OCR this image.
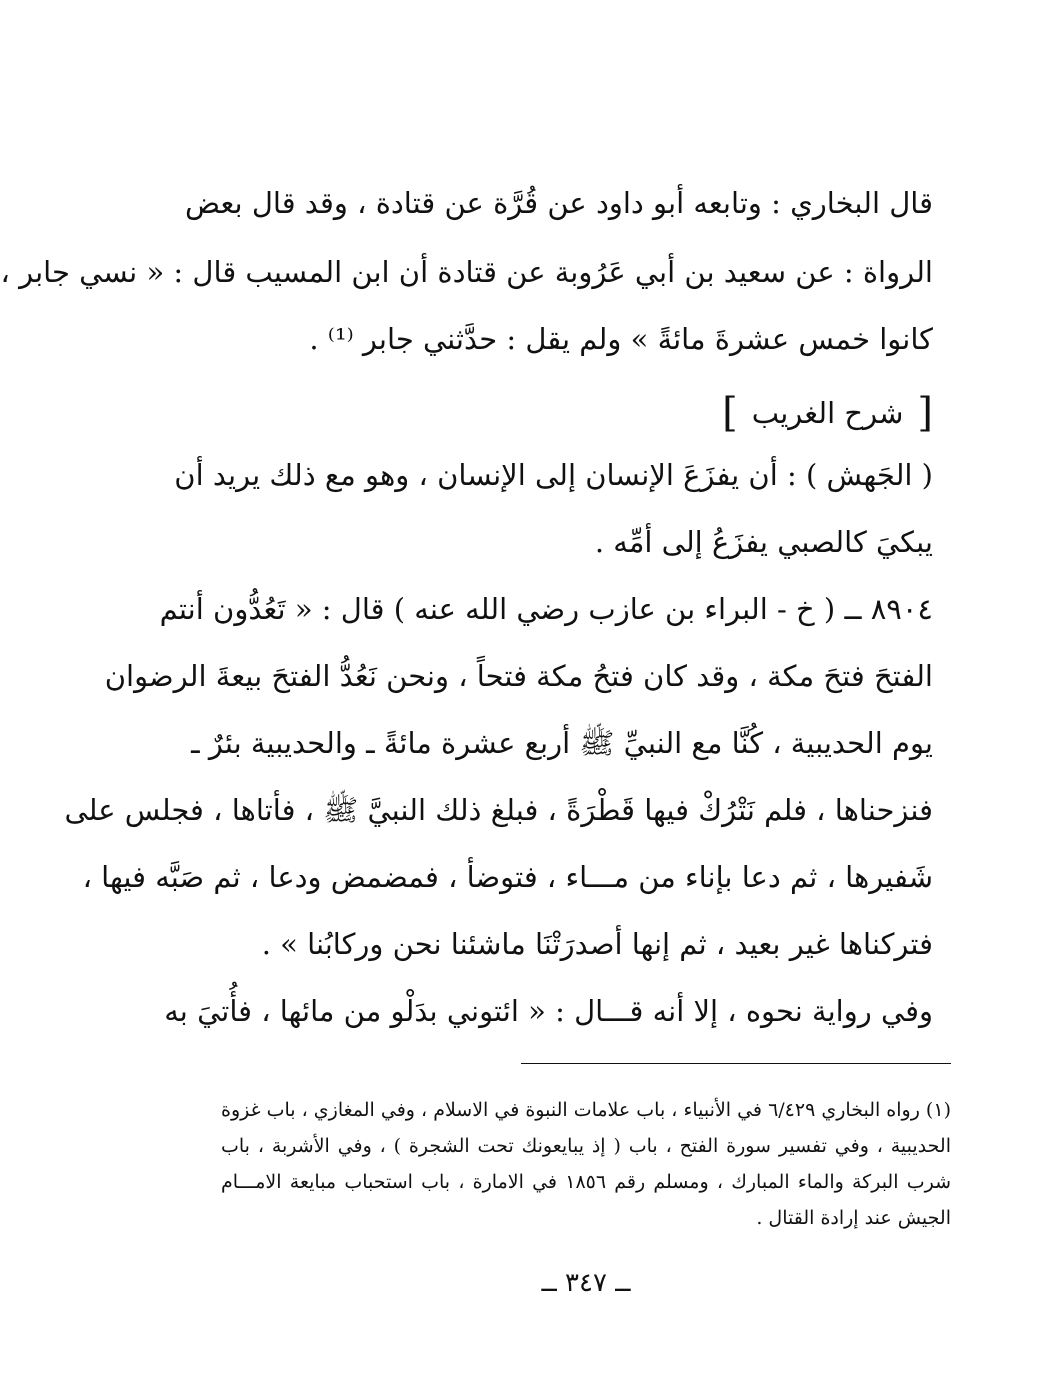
قال البخاري : وتابعه أبو داود عن قُرَّة عن قتادة ، وقد قال بعض
الرواة : عن سعيد بن أبي عَرُوبة عن قتادة أن ابن المسيب قال : « نسي جابر ،
كانوا خمس عشرةَ مائةً » ولم يقل : حدَّثني جابر ⁽¹⁾ .
[
شرح الغريب
]
( الجَهش ) : أن يفزَعَ الإنسان إلى الإنسان ، وهو مع ذلك يريد أن
يبكيَ كالصبي يفزَعُ إلى أمِّه .
٨٩٠٤ ــ ( خ - البراء بن عازب رضي الله عنه ) قال : « تَعُدُّون أنتم
الفتحَ فتحَ مكة ، وقد كان فتحُ مكة فتحاً ، ونحن نَعُدُّ الفتحَ بيعةَ الرضوان
يوم الحديبية ، كُنَّا مع النبيِّ ﷺ أربع عشرة مائةً ـ والحديبية بئرٌ ـ
فنزحناها ، فلم نَتْرُكْ فيها قَطْرَةً ، فبلغ ذلك النبيَّ ﷺ ، فأتاها ، فجلس على
شَفيرها ، ثم دعا بإناء من مـــاء ، فتوضأ ، فمضمض ودعا ، ثم صَبَّه فيها ،
فتركناها غير بعيد ، ثم إنها أصدرَتْنَا ماشئنا نحن وركابُنا » .
وفي رواية نحوه ، إلا أنه قـــال : « ائتوني بدَلْو من مائها ، فأُتيَ به
(١) رواه البخاري ٦/٤٢٩ في الأنبياء ، باب علامات النبوة في الاسلام ، وفي المغازي ، باب غزوة
الحديبية ، وفي تفسير سورة الفتح ، باب ( إذ يبايعونك تحت الشجرة ) ، وفي الأشربة ، باب
شرب البركة والماء المبارك ، ومسلم رقم ١٨٥٦ في الامارة ، باب استحباب مبايعة الامـــام
الجيش عند إرادة القتال .
ــ ٣٤٧ ــ
